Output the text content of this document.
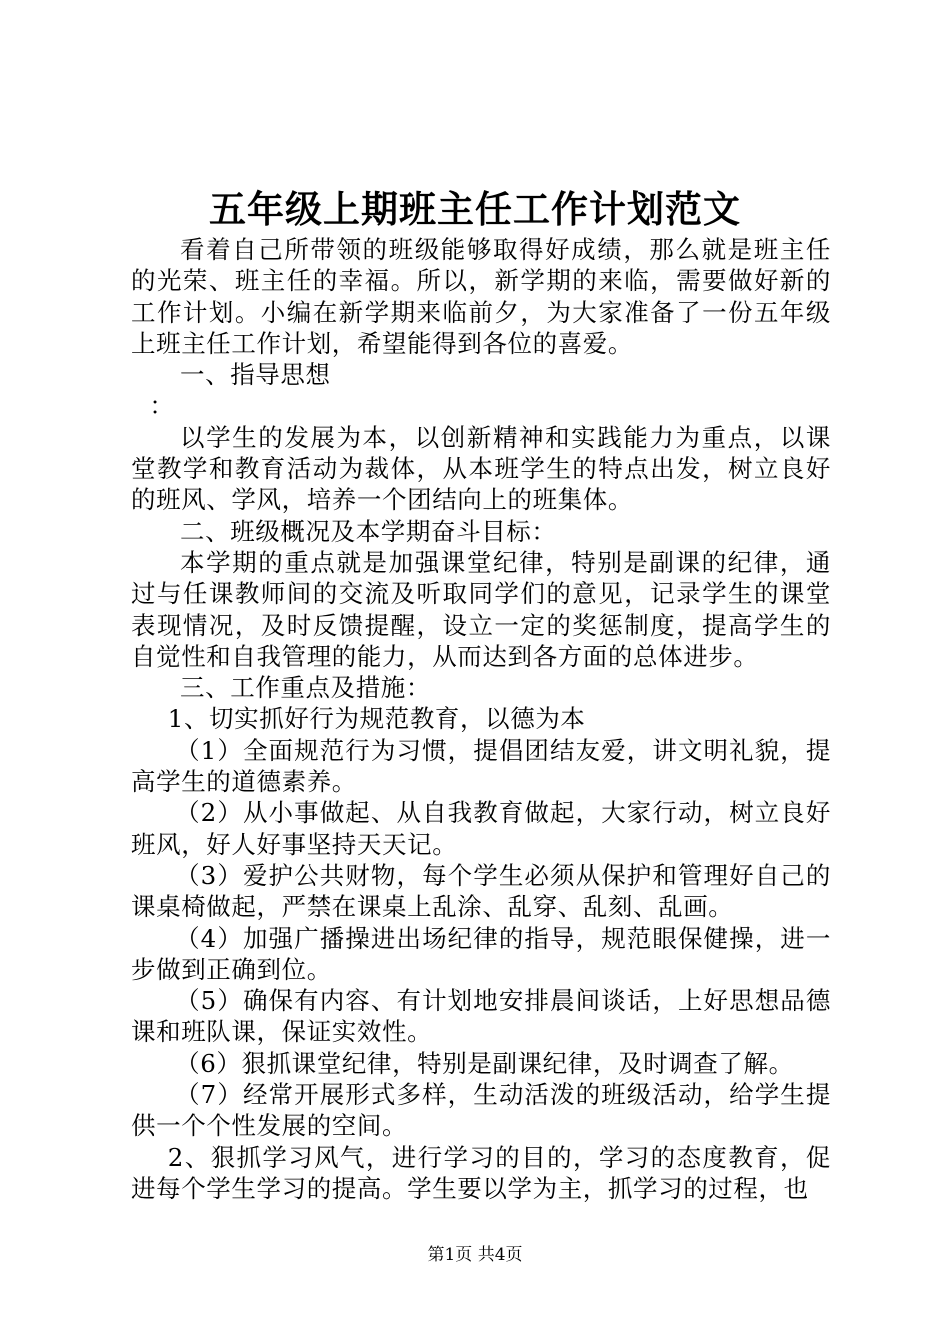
五年级上期班主任工作计划范文

看着自己所带领的班级能够取得好成绩，那么就是班主任的光荣、班主任的幸福。所以，新学期的来临，需要做好新的工作计划。小编在新学期来临前夕，为大家准备了一份五年级上班主任工作计划，希望能得到各位的喜爱。

一、指导思想

：

以学生的发展为本，以创新精神和实践能力为重点，以课堂教学和教育活动为裁体，从本班学生的特点出发，树立良好的班风、学风，培养一个团结向上的班集体。

二、班级概况及本学期奋斗目标：

本学期的重点就是加强课堂纪律，特别是副课的纪律，通过与任课教师间的交流及听取同学们的意见，记录学生的课堂表现情况，及时反馈提醒，设立一定的奖惩制度，提高学生的自觉性和自我管理的能力，从而达到各方面的总体进步。

三、工作重点及措施：

1、切实抓好行为规范教育，以德为本

（1）全面规范行为习惯，提倡团结友爱，讲文明礼貌，提高学生的道德素养。

（2）从小事做起、从自我教育做起，大家行动，树立良好班风，好人好事坚持天天记。

（3）爱护公共财物，每个学生必须从保护和管理好自己的课桌椅做起，严禁在课桌上乱涂、乱穿、乱刻、乱画。

（4）加强广播操进出场纪律的指导，规范眼保健操，进一步做到正确到位。

（5）确保有内容、有计划地安排晨间谈话，上好思想品德课和班队课，保证实效性。

（6）狠抓课堂纪律，特别是副课纪律，及时调查了解。

（7）经常开展形式多样，生动活泼的班级活动，给学生提供一个个性发展的空间。

2、狠抓学习风气，进行学习的目的，学习的态度教育，促进每个学生学习的提高。学生要以学为主，抓学习的过程，也

第1页 共4页
